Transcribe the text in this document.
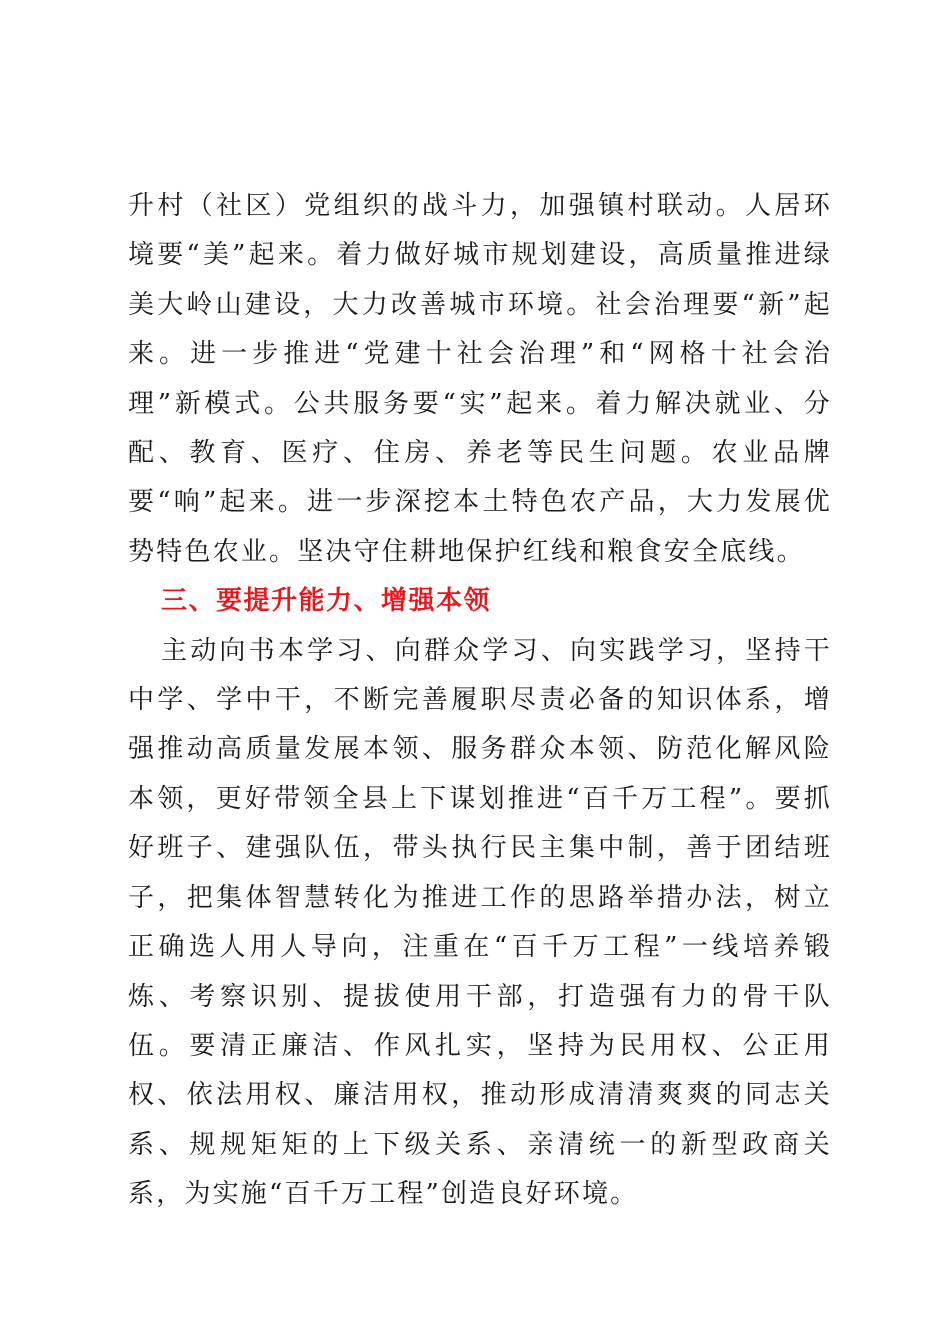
升村（社区）党组织的战斗力，加强镇村联动。人居环境要“美”起来。着力做好城市规划建设，高质量推进绿美大岭山建设，大力改善城市环境。社会治理要“新”起来。进一步推进“党建十社会治理”和“网格十社会治理”新模式。公共服务要“实”起来。着力解决就业、分配、教育、医疗、住房、养老等民生问题。农业品牌要“响”起来。进一步深挖本土特色农产品，大力发展优势特色农业。坚决守住耕地保护红线和粮食安全底线。

三、要提升能力、增强本领

主动向书本学习、向群众学习、向实践学习，坚持干中学、学中干，不断完善履职尽责必备的知识体系，增强推动高质量发展本领、服务群众本领、防范化解风险本领，更好带领全县上下谋划推进“百千万工程”。要抓好班子、建强队伍，带头执行民主集中制，善于团结班子，把集体智慧转化为推进工作的思路举措办法，树立正确选人用人导向，注重在“百千万工程”一线培养锻炼、考察识别、提拔使用干部，打造强有力的骨干队伍。要清正廉洁、作风扎实，坚持为民用权、公正用权、依法用权、廉洁用权，推动形成清清爽爽的同志关系、规规矩矩的上下级关系、亲清统一的新型政商关系，为实施“百千万工程”创造良好环境。
